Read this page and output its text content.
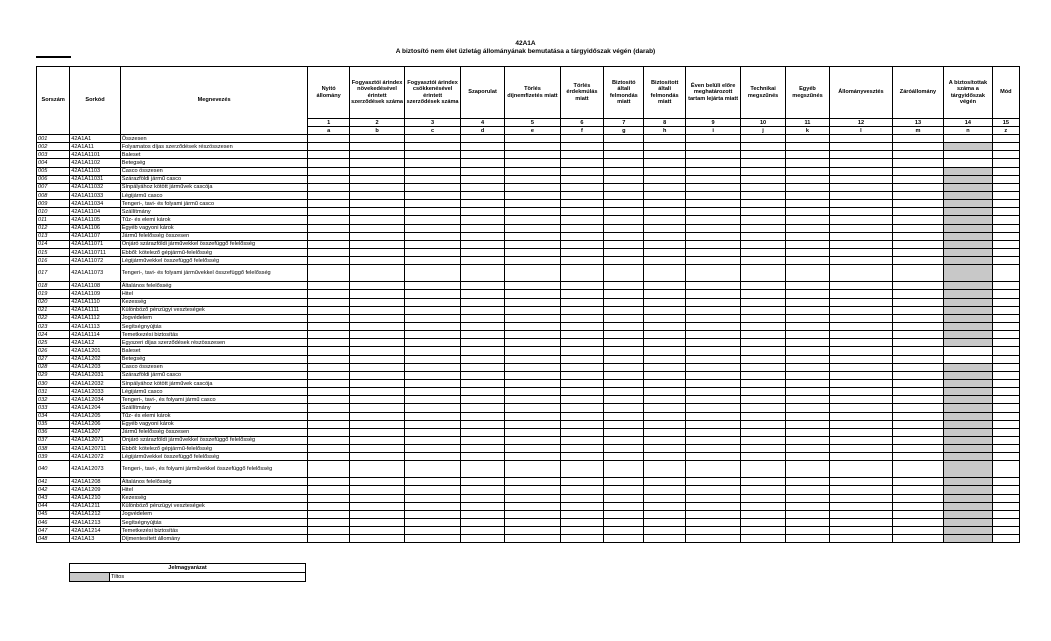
42A1A
A biztosító nem élet üzletág állományának bemutatása a tárgyidőszak végén (darab)
Sorszám	Sorkód	Megnevezés	Nyitó állomány	Fogyasztói árindex növekedésével érintett szerződések száma	Fogyasztói árindex csökkenésével érintett szerződések száma	Szaporulat	Törlés díjnemfizetés miatt	Törlés érdekmúlás miatt	Biztosító általi felmondás miatt	Biztosított általi felmondás miatt	Éven belüli előre meghatározott tartam lejárta miatt	Technikai megszűnés	Egyéb megszűnés	Állományvesztés	Záróállomány	A biztosítottak száma a tárgyidőszak végén	Mód
			1	2	3	4	5	6	7	8	9	10	11	12	13	14	15
			a	b	c	d	e	f	g	h	i	j	k	l	m	n	z
001	42A1A1	Összesen															
002	42A1A11	Folyamatos díjas szerződések részösszesen															
003	42A1A1101	Baleset															
004	42A1A1102	Betegség															
005	42A1A1103	Casco összesen															
006	42A1A11031	Szárazföldi jármű casco															
007	42A1A11032	Sínpályához kötött járművek cascója															
008	42A1A11033	Légijármű casco															
009	42A1A11034	Tengeri-, tavi- és folyami jármű casco															
010	42A1A1104	Szállítmány															
011	42A1A1105	Tűz- és elemi károk															
012	42A1A1106	Egyéb vagyoni károk															
013	42A1A1107	Jármű felelősség összesen															
014	42A1A11071	Önjáró szárazföldi járművekkel összefüggő felelősség															
015	42A1A110711	Ebből: kötelező gépjármű-felelősség															
016	42A1A11072	Légijárművekkel összefüggő felelősség															
017	42A1A11073	Tengeri-, tavi- és folyami járművekkel összefüggő felelősség															
018	42A1A1108	Általános felelősség															
019	42A1A1109	Hitel															
020	42A1A1110	Kezesség															
021	42A1A1111	Különböző pénzügyi veszteségek															
022	42A1A1112	Jogvédelem															
023	42A1A1113	Segítségnyújtás															
024	42A1A1114	Temetkezési biztosítás															
025	42A1A12	Egyszeri díjas szerződések részösszesen															
026	42A1A1201	Baleset															
027	42A1A1202	Betegség															
028	42A1A1203	Casco összesen															
029	42A1A12031	Szárazföldi jármű casco															
030	42A1A12032	Sínpályához kötött járművek cascója															
031	42A1A12033	Légijármű casco															
032	42A1A12034	Tengeri-, tavi-, és folyami jármű casco															
033	42A1A1204	Szállítmány															
034	42A1A1205	Tűz- és elemi károk															
035	42A1A1206	Egyéb vagyoni károk															
036	42A1A1207	Jármű felelősség összesen															
037	42A1A12071	Önjáró szárazföldi járművekkel összefüggő felelősség															
038	42A1A120711	Ebből: kötelező gépjármű-felelősség															
039	42A1A12072	Légijárművekkel összefüggő felelősség															
040	42A1A12073	Tengeri-, tavi-, és folyami járművekkel összefüggő felelősség															
041	42A1A1208	Általános felelősség															
042	42A1A1209	Hitel															
043	42A1A1210	Kezesség															
044	42A1A1211	Különböző pénzügyi veszteségek															
045	42A1A1212	Jogvédelem															
046	42A1A1213	Segítségnyújtás															
047	42A1A1214	Temetkezési biztosítás															
048	42A1A13	Díjmentesített állomány															
Jelmagyarázat
	Tiltos
